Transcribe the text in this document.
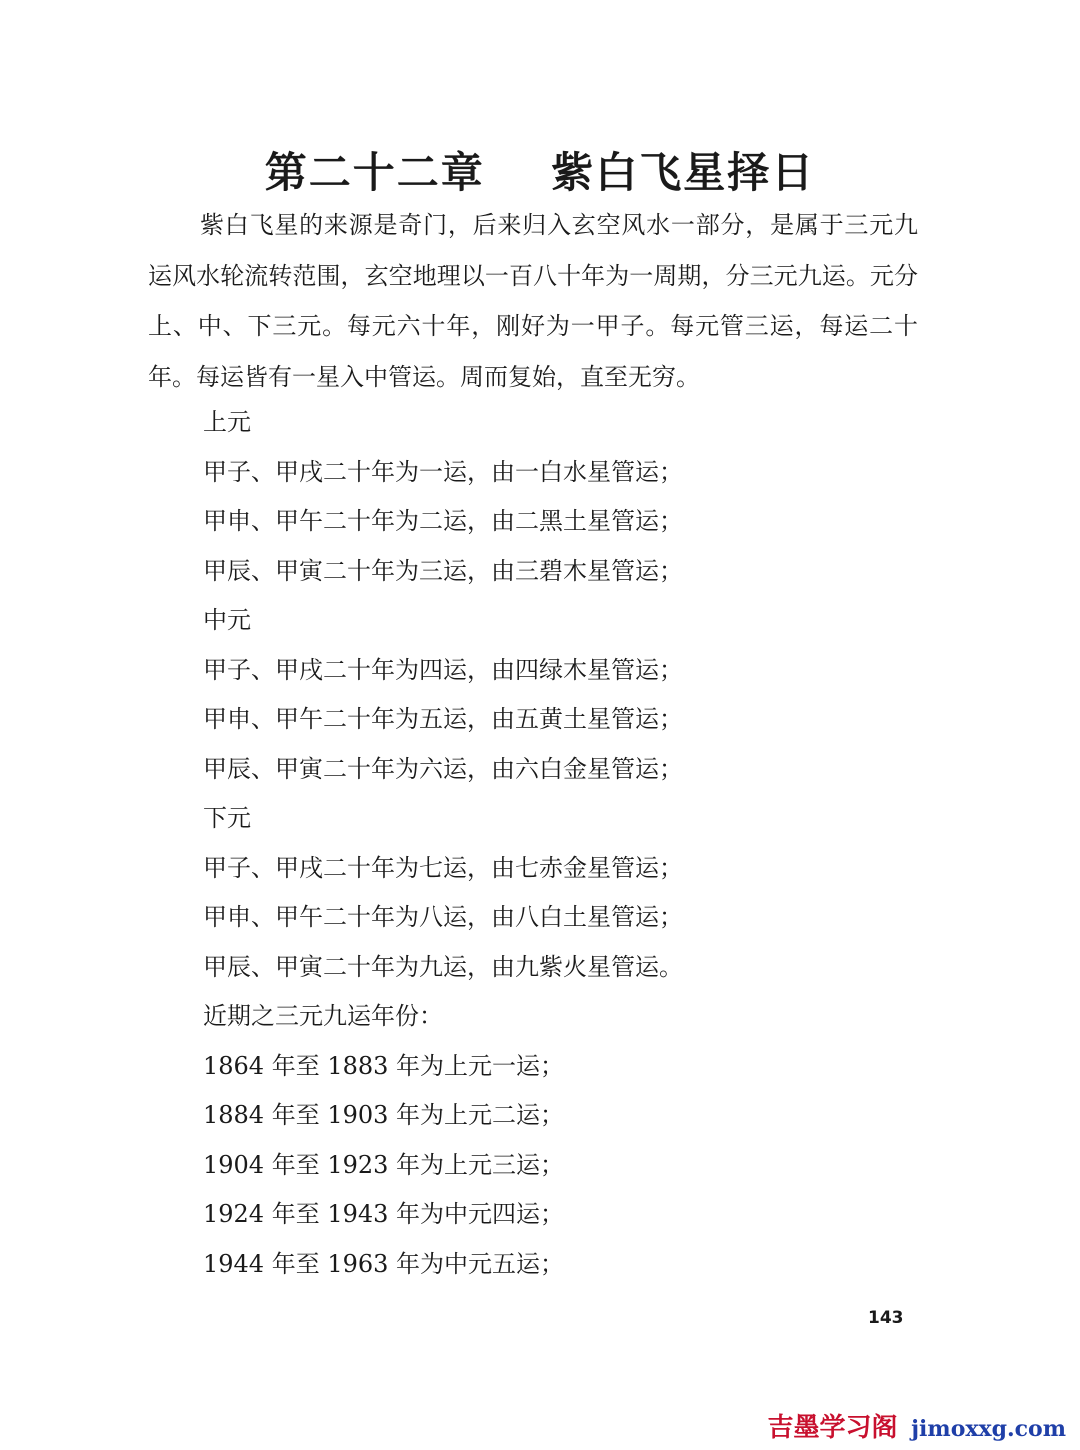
第二十二章    紫白飞星择日

紫白飞星的来源是奇门，后来归入玄空风水一部分，是属于三元九运风水轮流转范围，玄空地理以一百八十年为一周期，分三元九运。元分上、中、下三元。每元六十年，刚好为一甲子。每元管三运，每运二十年。每运皆有一星入中管运。周而复始，直至无穷。

上元
甲子、甲戌二十年为一运，由一白水星管运；
甲申、甲午二十年为二运，由二黑土星管运；
甲辰、甲寅二十年为三运，由三碧木星管运；
中元
甲子、甲戌二十年为四运，由四绿木星管运；
甲申、甲午二十年为五运，由五黄土星管运；
甲辰、甲寅二十年为六运，由六白金星管运；
下元
甲子、甲戌二十年为七运，由七赤金星管运；
甲申、甲午二十年为八运，由八白土星管运；
甲辰、甲寅二十年为九运，由九紫火星管运。
近期之三元九运年份：
1864 年至 1883 年为上元一运；
1884 年至 1903 年为上元二运；
1904 年至 1923 年为上元三运；
1924 年至 1943 年为中元四运；
1944 年至 1963 年为中元五运；
143
吉墨学习阁 jimoxxg.com
